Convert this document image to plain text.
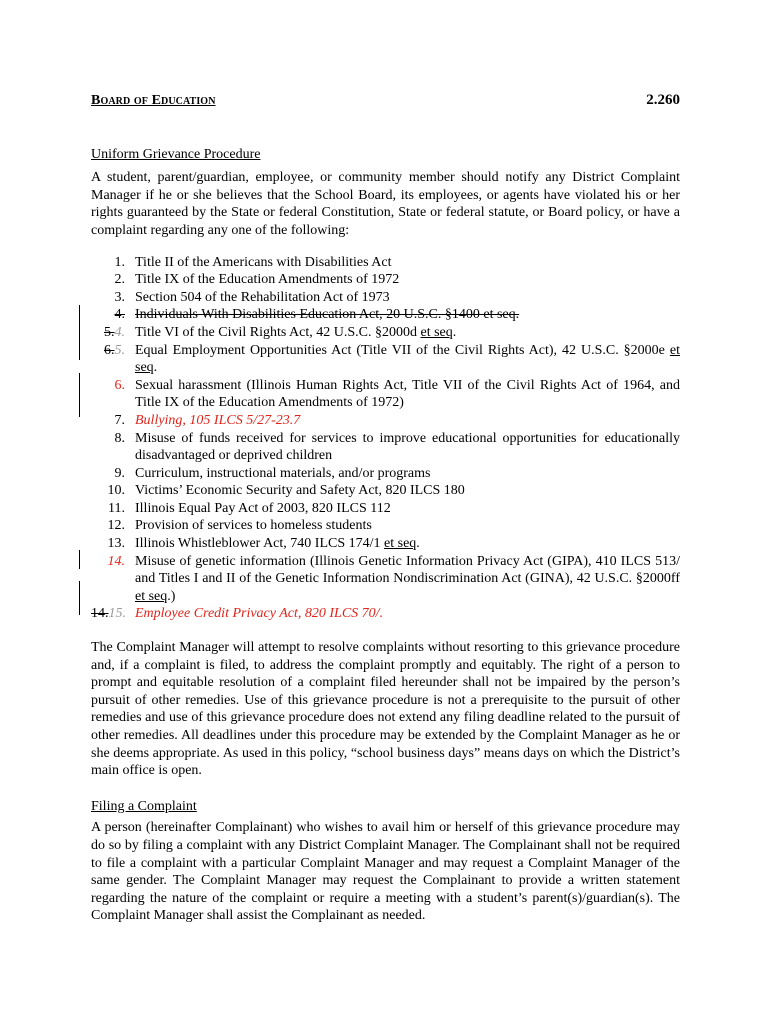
Board of Education	2.260
Uniform Grievance Procedure

A student, parent/guardian, employee, or community member should notify any District Complaint Manager if he or she believes that the School Board, its employees, or agents have violated his or her rights guaranteed by the State or federal Constitution, State or federal statute, or Board policy, or have a complaint regarding any one of the following:

1. Title II of the Americans with Disabilities Act
2. Title IX of the Education Amendments of 1972
3. Section 504 of the Rehabilitation Act of 1973
4. Individuals With Disabilities Education Act, 20 U.S.C. §1400 et seq.
5.4. Title VI of the Civil Rights Act, 42 U.S.C. §2000d et seq.
6.5. Equal Employment Opportunities Act (Title VII of the Civil Rights Act), 42 U.S.C. §2000e et seq.
6. Sexual harassment (Illinois Human Rights Act, Title VII of the Civil Rights Act of 1964, and Title IX of the Education Amendments of 1972)
7. Bullying, 105 ILCS 5/27-23.7
8. Misuse of funds received for services to improve educational opportunities for educationally disadvantaged or deprived children
9. Curriculum, instructional materials, and/or programs
10. Victims’ Economic Security and Safety Act, 820 ILCS 180
11. Illinois Equal Pay Act of 2003, 820 ILCS 112
12. Provision of services to homeless students
13. Illinois Whistleblower Act, 740 ILCS 174/1 et seq.
14. Misuse of genetic information (Illinois Genetic Information Privacy Act (GIPA), 410 ILCS 513/ and Titles I and II of the Genetic Information Nondiscrimination Act (GINA), 42 U.S.C. §2000ff et seq.)
14.15. Employee Credit Privacy Act, 820 ILCS 70/.

The Complaint Manager will attempt to resolve complaints without resorting to this grievance procedure and, if a complaint is filed, to address the complaint promptly and equitably. The right of a person to prompt and equitable resolution of a complaint filed hereunder shall not be impaired by the person’s pursuit of other remedies. Use of this grievance procedure is not a prerequisite to the pursuit of other remedies and use of this grievance procedure does not extend any filing deadline related to the pursuit of other remedies. All deadlines under this procedure may be extended by the Complaint Manager as he or she deems appropriate. As used in this policy, “school business days” means days on which the District’s main office is open.

Filing a Complaint

A person (hereinafter Complainant) who wishes to avail him or herself of this grievance procedure may do so by filing a complaint with any District Complaint Manager. The Complainant shall not be required to file a complaint with a particular Complaint Manager and may request a Complaint Manager of the same gender. The Complaint Manager may request the Complainant to provide a written statement regarding the nature of the complaint or require a meeting with a student’s parent(s)/guardian(s). The Complaint Manager shall assist the Complainant as needed.
